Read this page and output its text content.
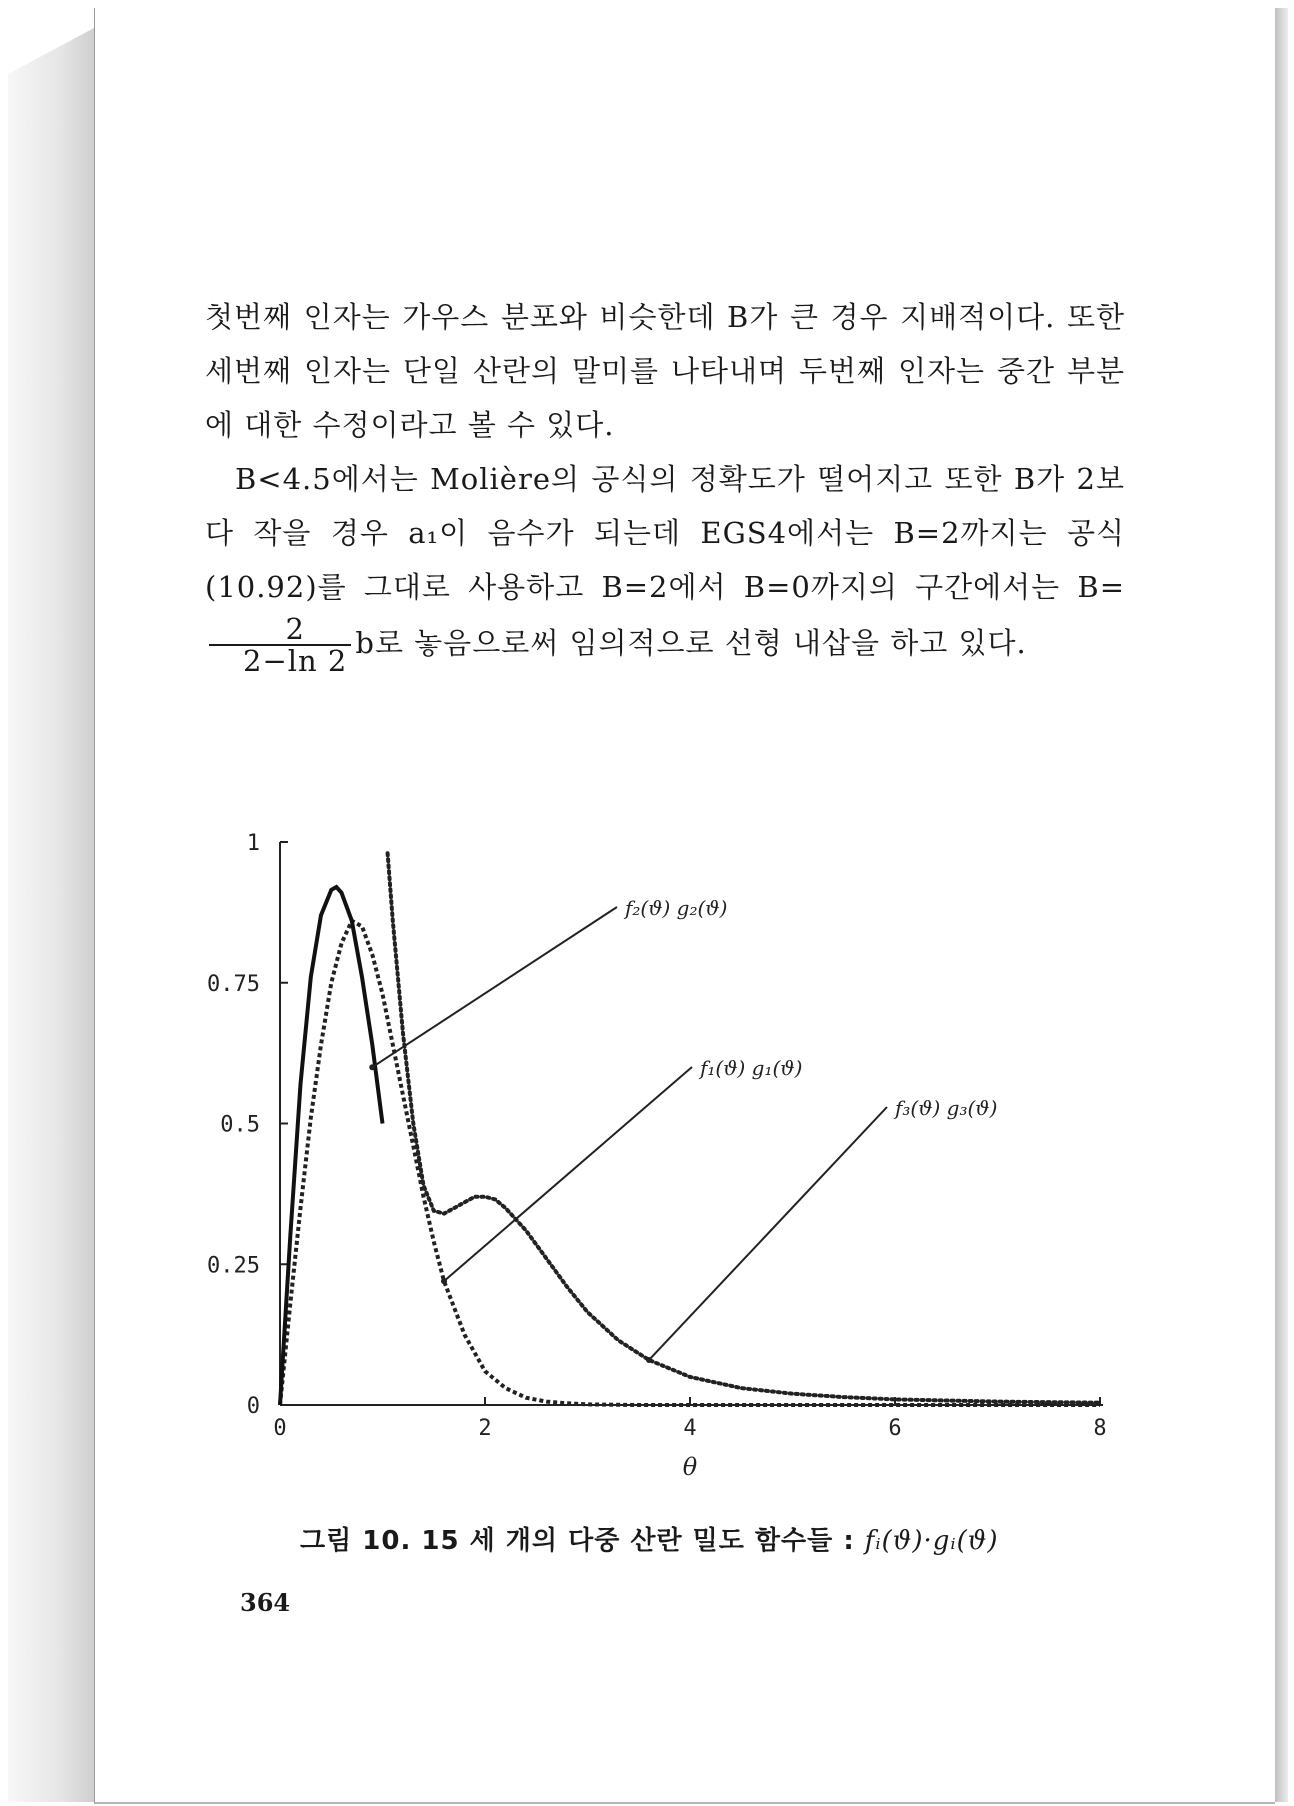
첫번째 인자는 가우스 분포와 비슷한데 B가 큰 경우 지배적이다. 또한 세번째 인자는 단일 산란의 말미를 나타내며 두번째 인자는 중간 부분에 대한 수정이라고 볼 수 있다.

B<4.5에서는 Molière의 공식의 정확도가 떨어지고 또한 B가 2보다 작을 경우 a₁이 음수가 되는데 EGS4에서는 B=2까지는 공식 (10.92)를 그대로 사용하고 B=2에서 B=0까지의 구간에서는 B=
$\frac{2}{2-\ln 2}$ b로 놓음으로써 임의적으로 선형 내삽을 하고 있다.

0	2	4	6	8
0
0.25
0.5
0.75
1
θ
f₂(ϑ) g₂(ϑ)
f₁(ϑ) g₁(ϑ)
f₃(ϑ) g₃(ϑ)
그림 10. 15 세 개의 다중 산란 밀도 함수들 : fᵢ(ϑ)·gᵢ(ϑ)
364
